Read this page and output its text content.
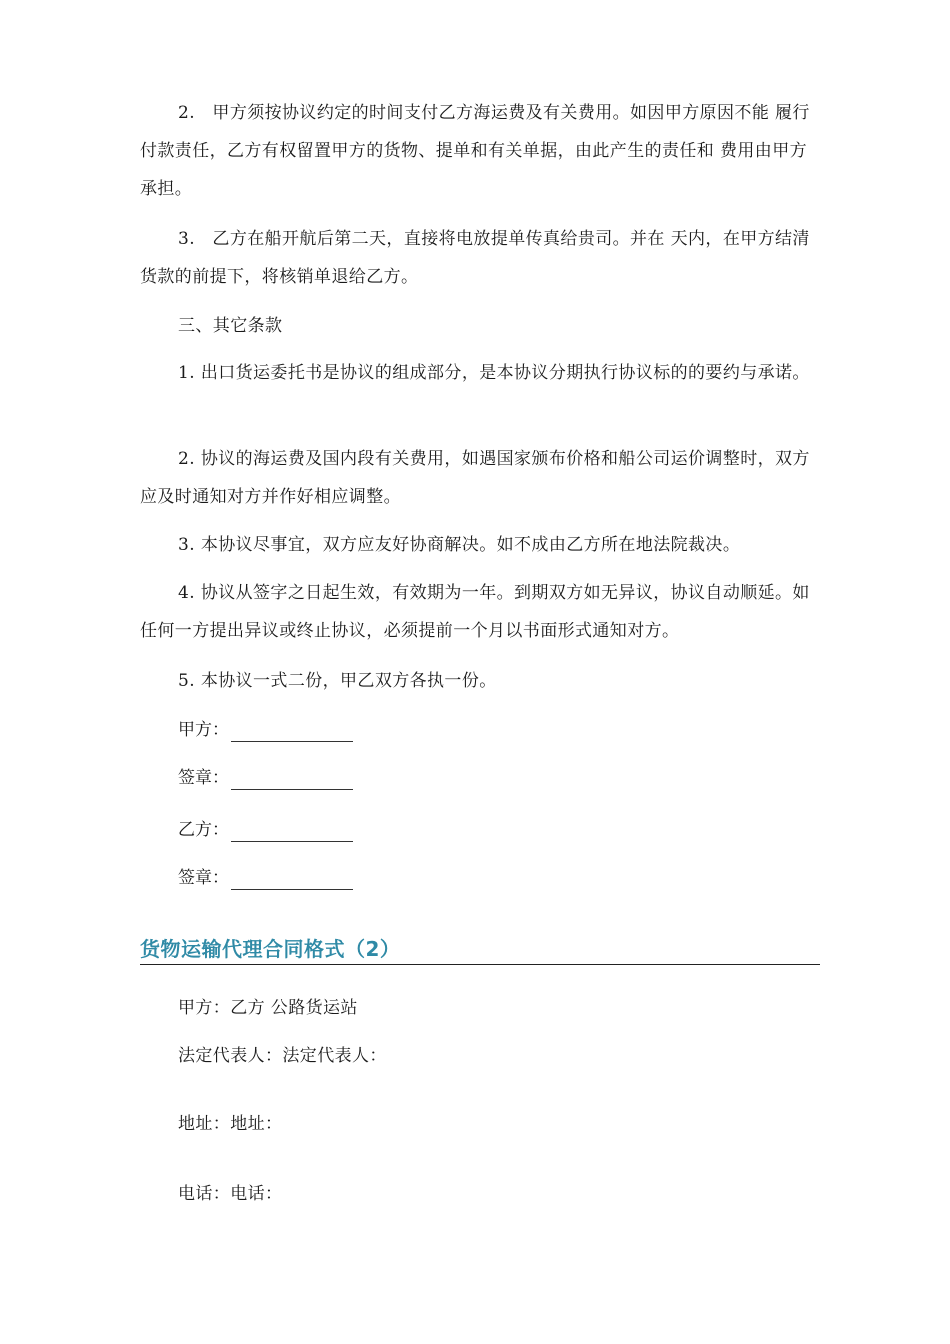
2.　甲方须按协议约定的时间支付乙方海运费及有关费用。如因甲方原因不能 履行付款责任，乙方有权留置甲方的货物、提单和有关单据，由此产生的责任和 费用由甲方承担。

3.　乙方在船开航后第二天，直接将电放提单传真给贵司。并在 天内，在甲方结清货款的前提下，将核销单退给乙方。

三、其它条款

1. 出口货运委托书是协议的组成部分，是本协议分期执行协议标的的要约与承诺。

2. 协议的海运费及国内段有关费用，如遇国家颁布价格和船公司运价调整时，双方应及时通知对方并作好相应调整。

3. 本协议尽事宜，双方应友好协商解决。如不成由乙方所在地法院裁决。

4. 协议从签字之日起生效，有效期为一年。到期双方如无异议，协议自动顺延。如任何一方提出异议或终止协议，必须提前一个月以书面形式通知对方。

5. 本协议一式二份，甲乙双方各执一份。

甲方：
签章：
乙方：
签章：
货物运输代理合同格式（2）

甲方：乙方 公路货运站

法定代表人：法定代表人：

地址：地址：

电话：电话：
